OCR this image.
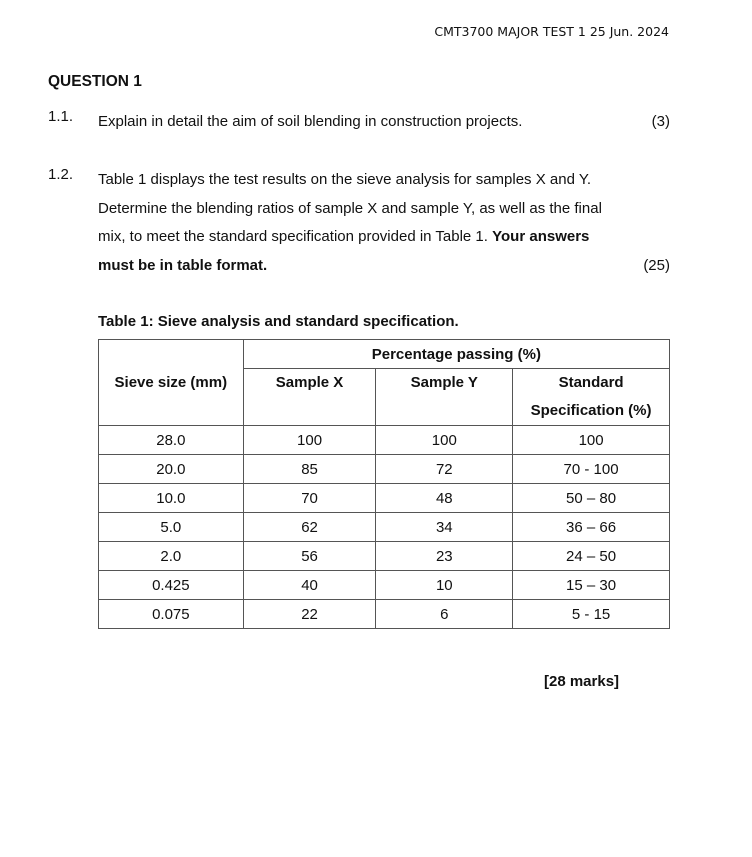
CMT3700 MAJOR TEST 1 25 Jun. 2024
QUESTION 1
1.1. Explain in detail the aim of soil blending in construction projects.	(3)
1.2. Table 1 displays the test results on the sieve analysis for samples X and Y.
Determine the blending ratios of sample X and sample Y, as well as the final
mix, to meet the standard specification provided in Table 1. Your answers
must be in table format.	(25)
Table 1: Sieve analysis and standard specification.
Sieve size (mm)	Percentage passing (%)		
	Sample X	Sample Y	Standard
Specification (%)

28.0	100	100	100
20.0	85	72	70 - 100
10.0	70	48	50 – 80
5.0	62	34	36 – 66
2.0	56	23	24 – 50
0.425	40	10	15 – 30
0.075	22	6	5 - 15
[28 marks]
